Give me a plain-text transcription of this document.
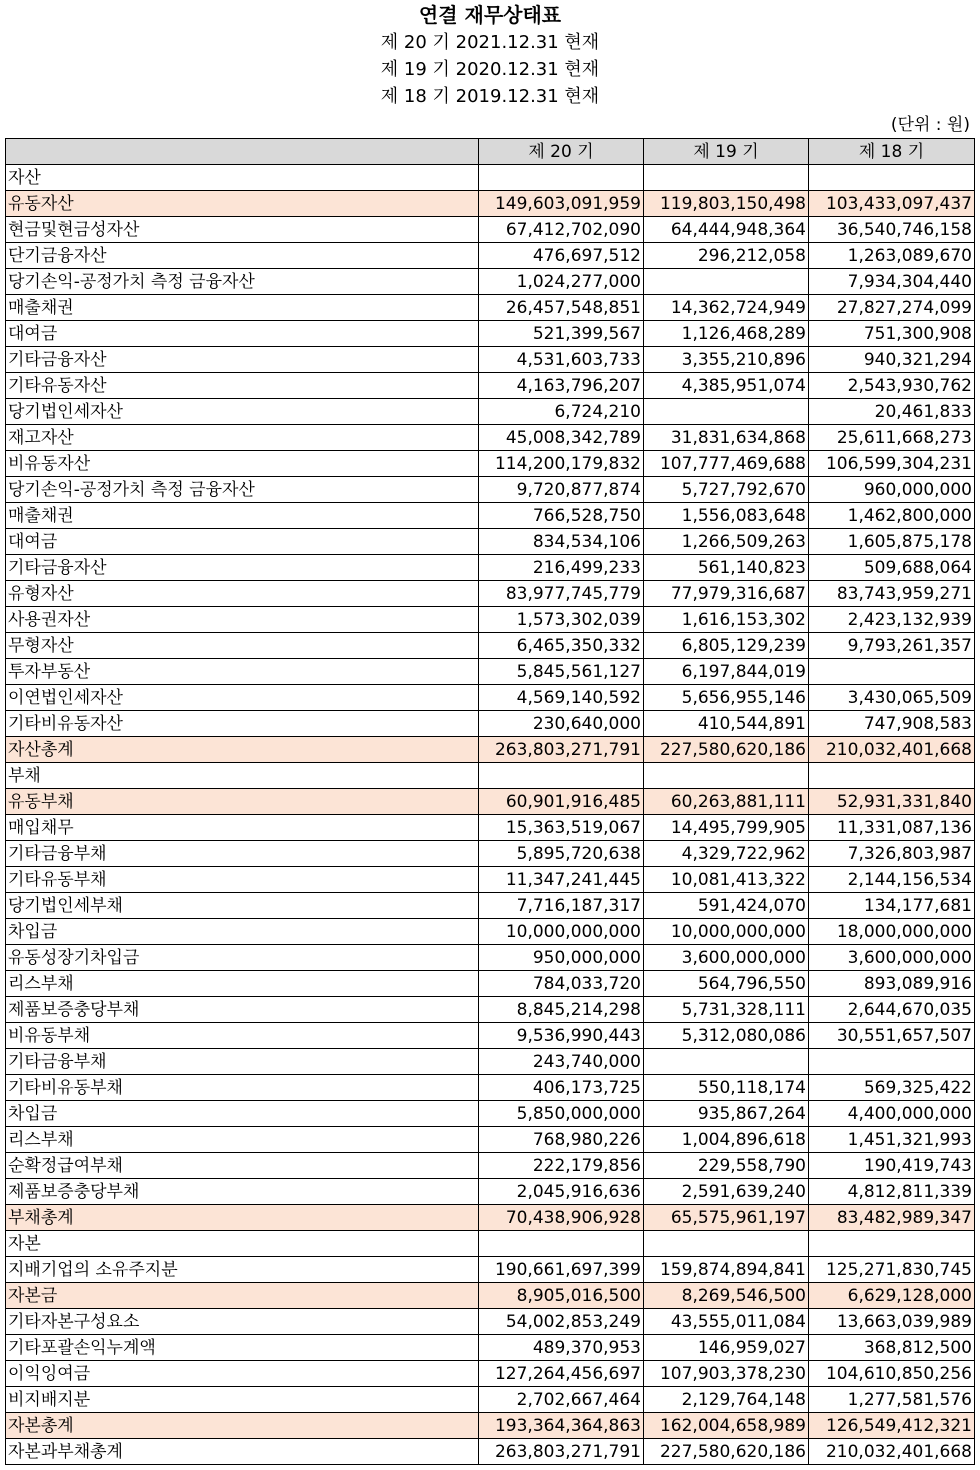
연결 재무상태표
제 20 기 2021.12.31 현재
제 19 기 2020.12.31 현재
제 18 기 2019.12.31 현재
(단위 : 원)
	제 20 기	제 19 기	제 18 기
자산			
유동자산	149,603,091,959	119,803,150,498	103,433,097,437
현금및현금성자산	67,412,702,090	64,444,948,364	36,540,746,158
단기금융자산	476,697,512	296,212,058	1,263,089,670
당기손익-공정가치 측정 금융자산	1,024,277,000		7,934,304,440
매출채권	26,457,548,851	14,362,724,949	27,827,274,099
대여금	521,399,567	1,126,468,289	751,300,908
기타금융자산	4,531,603,733	3,355,210,896	940,321,294
기타유동자산	4,163,796,207	4,385,951,074	2,543,930,762
당기법인세자산	6,724,210		20,461,833
재고자산	45,008,342,789	31,831,634,868	25,611,668,273
비유동자산	114,200,179,832	107,777,469,688	106,599,304,231
당기손익-공정가치 측정 금융자산	9,720,877,874	5,727,792,670	960,000,000
매출채권	766,528,750	1,556,083,648	1,462,800,000
대여금	834,534,106	1,266,509,263	1,605,875,178
기타금융자산	216,499,233	561,140,823	509,688,064
유형자산	83,977,745,779	77,979,316,687	83,743,959,271
사용권자산	1,573,302,039	1,616,153,302	2,423,132,939
무형자산	6,465,350,332	6,805,129,239	9,793,261,357
투자부동산	5,845,561,127	6,197,844,019	
이연법인세자산	4,569,140,592	5,656,955,146	3,430,065,509
기타비유동자산	230,640,000	410,544,891	747,908,583
자산총계	263,803,271,791	227,580,620,186	210,032,401,668
부채			
유동부채	60,901,916,485	60,263,881,111	52,931,331,840
매입채무	15,363,519,067	14,495,799,905	11,331,087,136
기타금융부채	5,895,720,638	4,329,722,962	7,326,803,987
기타유동부채	11,347,241,445	10,081,413,322	2,144,156,534
당기법인세부채	7,716,187,317	591,424,070	134,177,681
차입금	10,000,000,000	10,000,000,000	18,000,000,000
유동성장기차입금	950,000,000	3,600,000,000	3,600,000,000
리스부채	784,033,720	564,796,550	893,089,916
제품보증충당부채	8,845,214,298	5,731,328,111	2,644,670,035
비유동부채	9,536,990,443	5,312,080,086	30,551,657,507
기타금융부채	243,740,000		
기타비유동부채	406,173,725	550,118,174	569,325,422
차입금	5,850,000,000	935,867,264	4,400,000,000
리스부채	768,980,226	1,004,896,618	1,451,321,993
순확정급여부채	222,179,856	229,558,790	190,419,743
제품보증충당부채	2,045,916,636	2,591,639,240	4,812,811,339
부채총계	70,438,906,928	65,575,961,197	83,482,989,347
자본			
지배기업의 소유주지분	190,661,697,399	159,874,894,841	125,271,830,745
자본금	8,905,016,500	8,269,546,500	6,629,128,000
기타자본구성요소	54,002,853,249	43,555,011,084	13,663,039,989
기타포괄손익누계액	489,370,953	146,959,027	368,812,500
이익잉여금	127,264,456,697	107,903,378,230	104,610,850,256
비지배지분	2,702,667,464	2,129,764,148	1,277,581,576
자본총계	193,364,364,863	162,004,658,989	126,549,412,321
자본과부채총계	263,803,271,791	227,580,620,186	210,032,401,668
